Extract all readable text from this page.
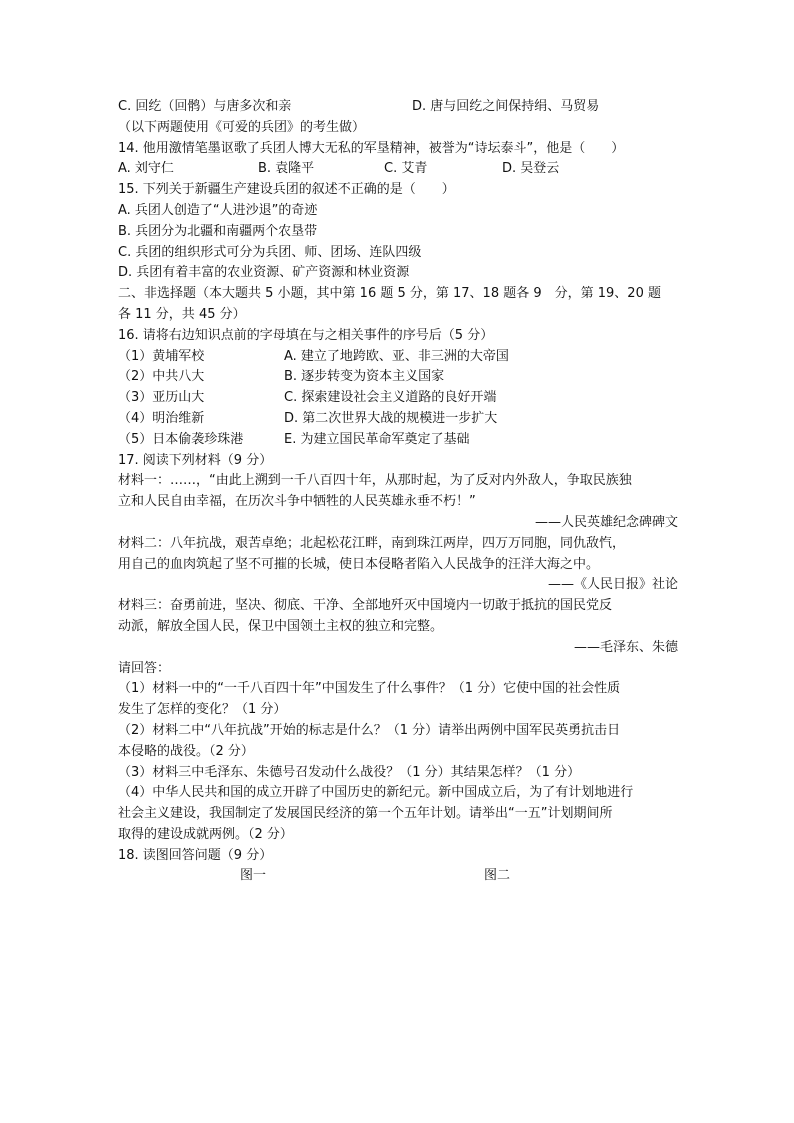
C. 回纥（回鹘）与唐多次和亲

	D. 唐与回纥之间保持绢、马贸易

（以下两题使用《可爱的兵团》的考生做）
14. 他用激情笔墨讴歌了兵团人博大无私的军垦精神，被誉为“诗坛泰斗”，他是（　　）

A. 刘守仁

	B. 袁隆平

	C. 艾青

	D. 吴登云

15. 下列关于新疆生产建设兵团的叙述不正确的是（　　）
A. 兵团人创造了“人进沙退”的奇迹
B. 兵团分为北疆和南疆两个农垦带
C. 兵团的组织形式可分为兵团、师、团场、连队四级
D. 兵团有着丰富的农业资源、矿产资源和林业资源
二、非选择题（本大题共 5 小题，其中第 16 题 5 分，第 17、18 题各 9　分，第 19、20 题
各 11 分，共 45 分）
16. 请将右边知识点前的字母填在与之相关事件的序号后（5 分）

（1）黄埔军校

	A. 建立了地跨欧、亚、非三洲的大帝国

（2）中共八大

	B. 逐步转变为资本主义国家

（3）亚历山大

	C. 探索建设社会主义道路的良好开端

（4）明治维新

	D. 第二次世界大战的规模进一步扩大

（5）日本偷袭珍珠港

	E. 为建立国民革命军奠定了基础

17. 阅读下列材料（9 分）
材料一：……，“由此上溯到一千八百四十年，从那时起，为了反对内外敌人，争取民族独
立和人民自由幸福，在历次斗争中牺牲的人民英雄永垂不朽！”
——人民英雄纪念碑碑文
材料二：八年抗战，艰苦卓绝；北起松花江畔，南到珠江两岸，四万万同胞，同仇敌忾，
用自己的血肉筑起了坚不可摧的长城，使日本侵略者陷入人民战争的汪洋大海之中。
——《人民日报》社论
材料三：奋勇前进，坚决、彻底、干净、全部地歼灭中国境内一切敢于抵抗的国民党反
动派，解放全国人民，保卫中国领土主权的独立和完整。
——毛泽东、朱德
请回答：
（1）材料一中的“一千八百四十年”中国发生了什么事件？（1 分）它使中国的社会性质
发生了怎样的变化？（1 分）
（2）材料二中“八年抗战”开始的标志是什么？（1 分）请举出两例中国军民英勇抗击日
本侵略的战役。（2 分）
（3）材料三中毛泽东、朱德号召发动什么战役？（1 分）其结果怎样？（1 分）
（4）中华人民共和国的成立开辟了中国历史的新纪元。新中国成立后，为了有计划地进行
社会主义建设，我国制定了发展国民经济的第一个五年计划。请举出“一五”计划期间所
取得的建设成就两例。（2 分）
18. 读图回答问题（9 分）
图一	图二
